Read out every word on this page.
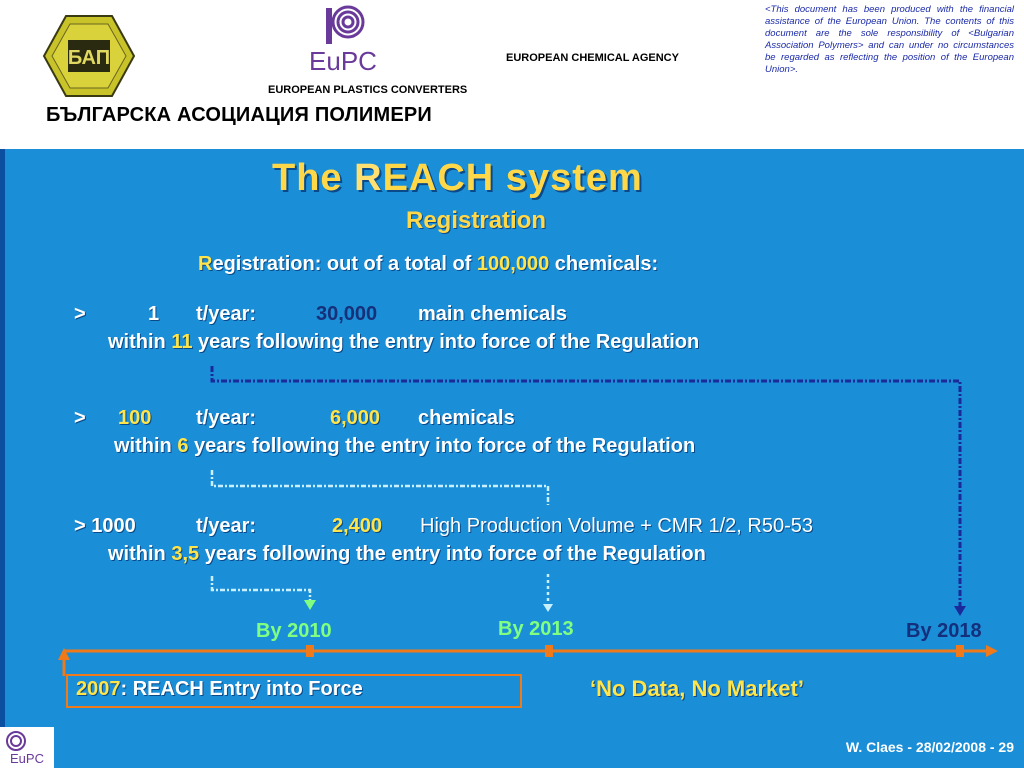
БАП	EuPC	EUROPEAN CHEMICAL AGENCY
EUROPEAN PLASTICS CONVERTERS
БЪЛГАРСКА АСОЦИАЦИЯ ПОЛИМЕРИ
<This document has been produced with the financial assistance of the European Union. The contents of this document are the sole responsibility of <Bulgarian Association Polymers> and can under no circumstances be regarded as reflecting the position of the European Union>.
The REACH system
Registration
Registration: out of a total of 100,000 chemicals:
>	1 t/year:	30,000 main chemicals
within 11 years following the entry into force of the Regulation
> 100 t/year:	6,000 chemicals
within 6 years following the entry into force of the Regulation
> 1000	t/year:	2,400 High Production Volume + CMR 1/2, R50-53
within 3,5 years following the entry into force of the Regulation
By 2010	By 2013	By 2018
2007: REACH Entry into Force	‘No Data, No Market’
EuPC
W. Claes - 28/02/2008 - 29
